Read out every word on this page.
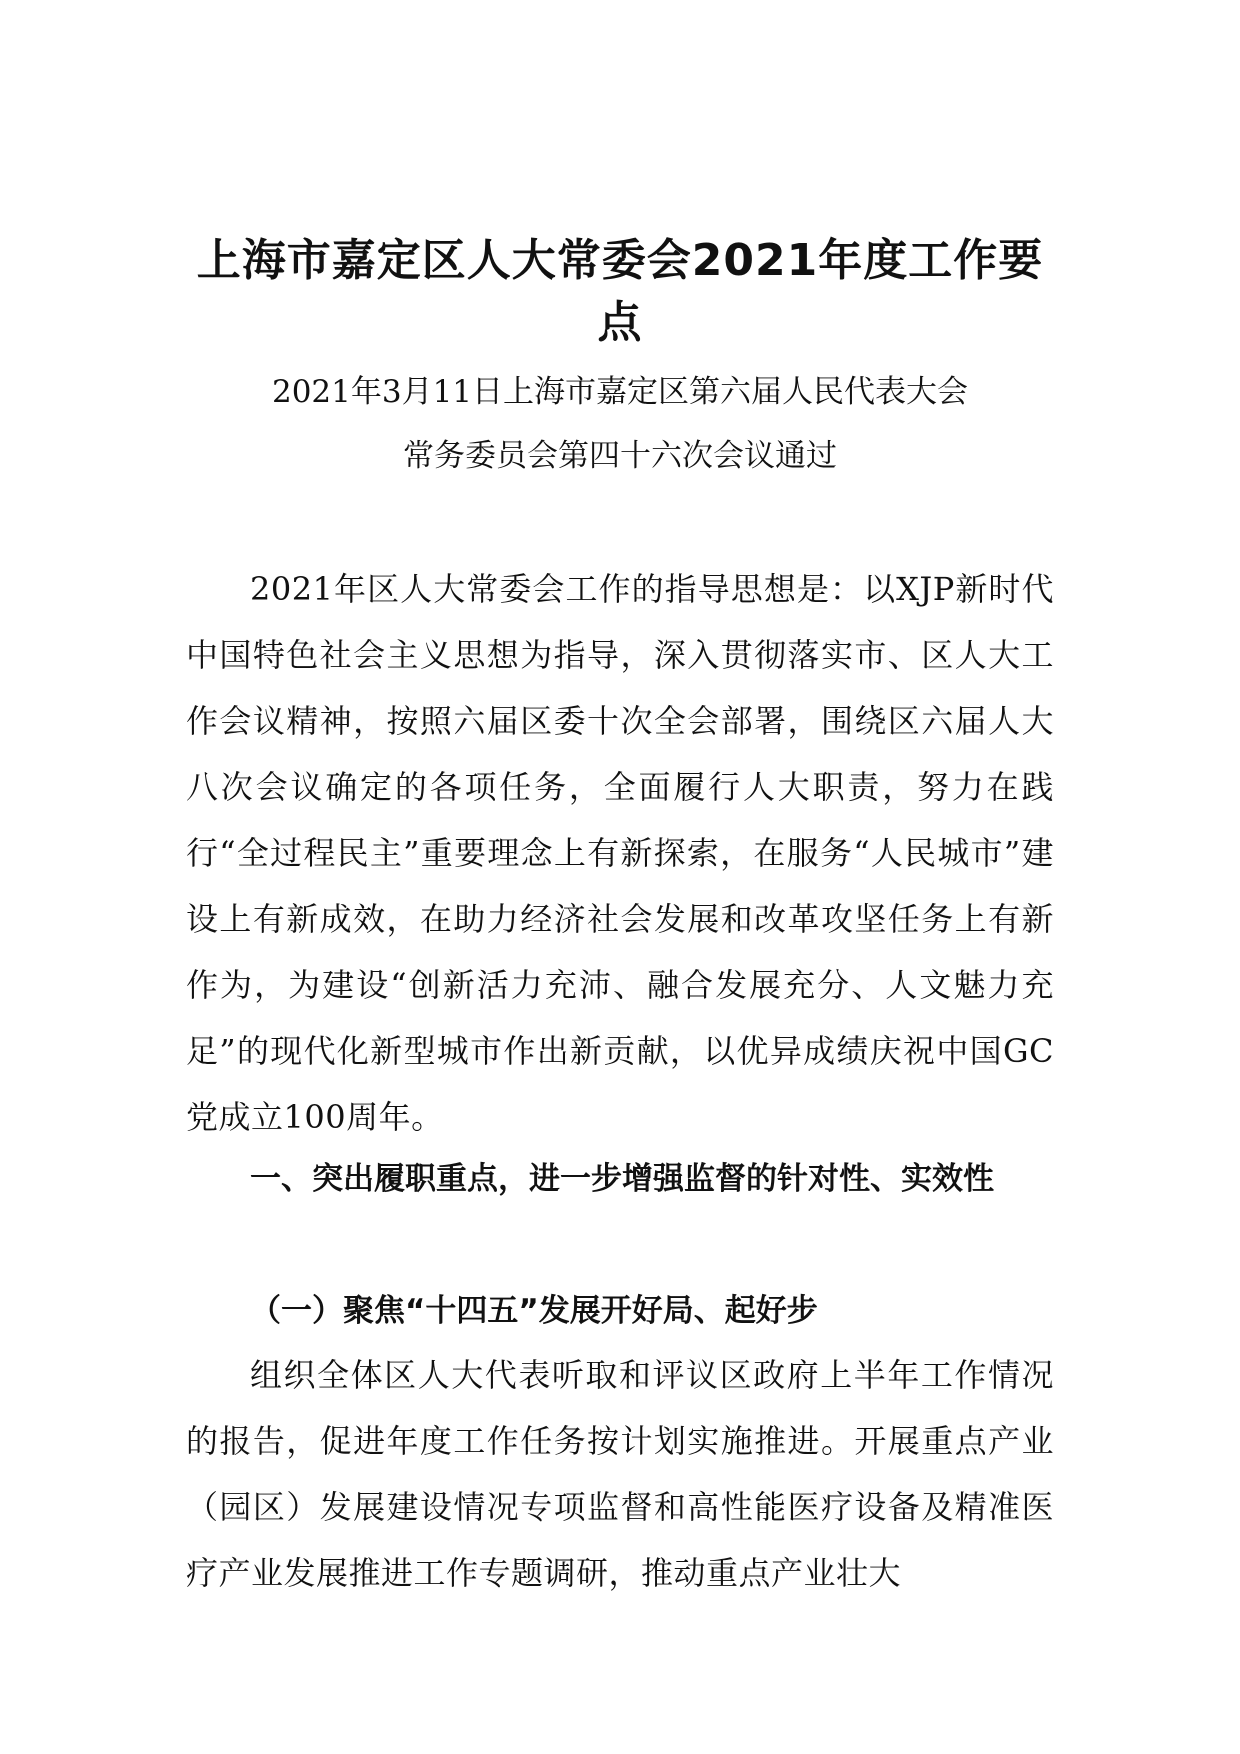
上海市嘉定区人大常委会2021年度工作要点

2021年3月11日上海市嘉定区第六届人民代表大会

常务委员会第四十六次会议通过

2021年区人大常委会工作的指导思想是：以XJP新时代中国特色社会主义思想为指导，深入贯彻落实市、区人大工作会议精神，按照六届区委十次全会部署，围绕区六届人大八次会议确定的各项任务，全面履行人大职责，努力在践行“全过程民主”重要理念上有新探索，在服务“人民城市”建设上有新成效，在助力经济社会发展和改革攻坚任务上有新作为，为建设“创新活力充沛、融合发展充分、人文魅力充足”的现代化新型城市作出新贡献，以优异成绩庆祝中国GC党成立100周年。

一、突出履职重点，进一步增强监督的针对性、实效性
（一）聚焦“十四五”发展开好局、起好步

组织全体区人大代表听取和评议区政府上半年工作情况的报告，促进年度工作任务按计划实施推进。开展重点产业（园区）发展建设情况专项监督和高性能医疗设备及精准医疗产业发展推进工作专题调研，推动重点产业壮大
